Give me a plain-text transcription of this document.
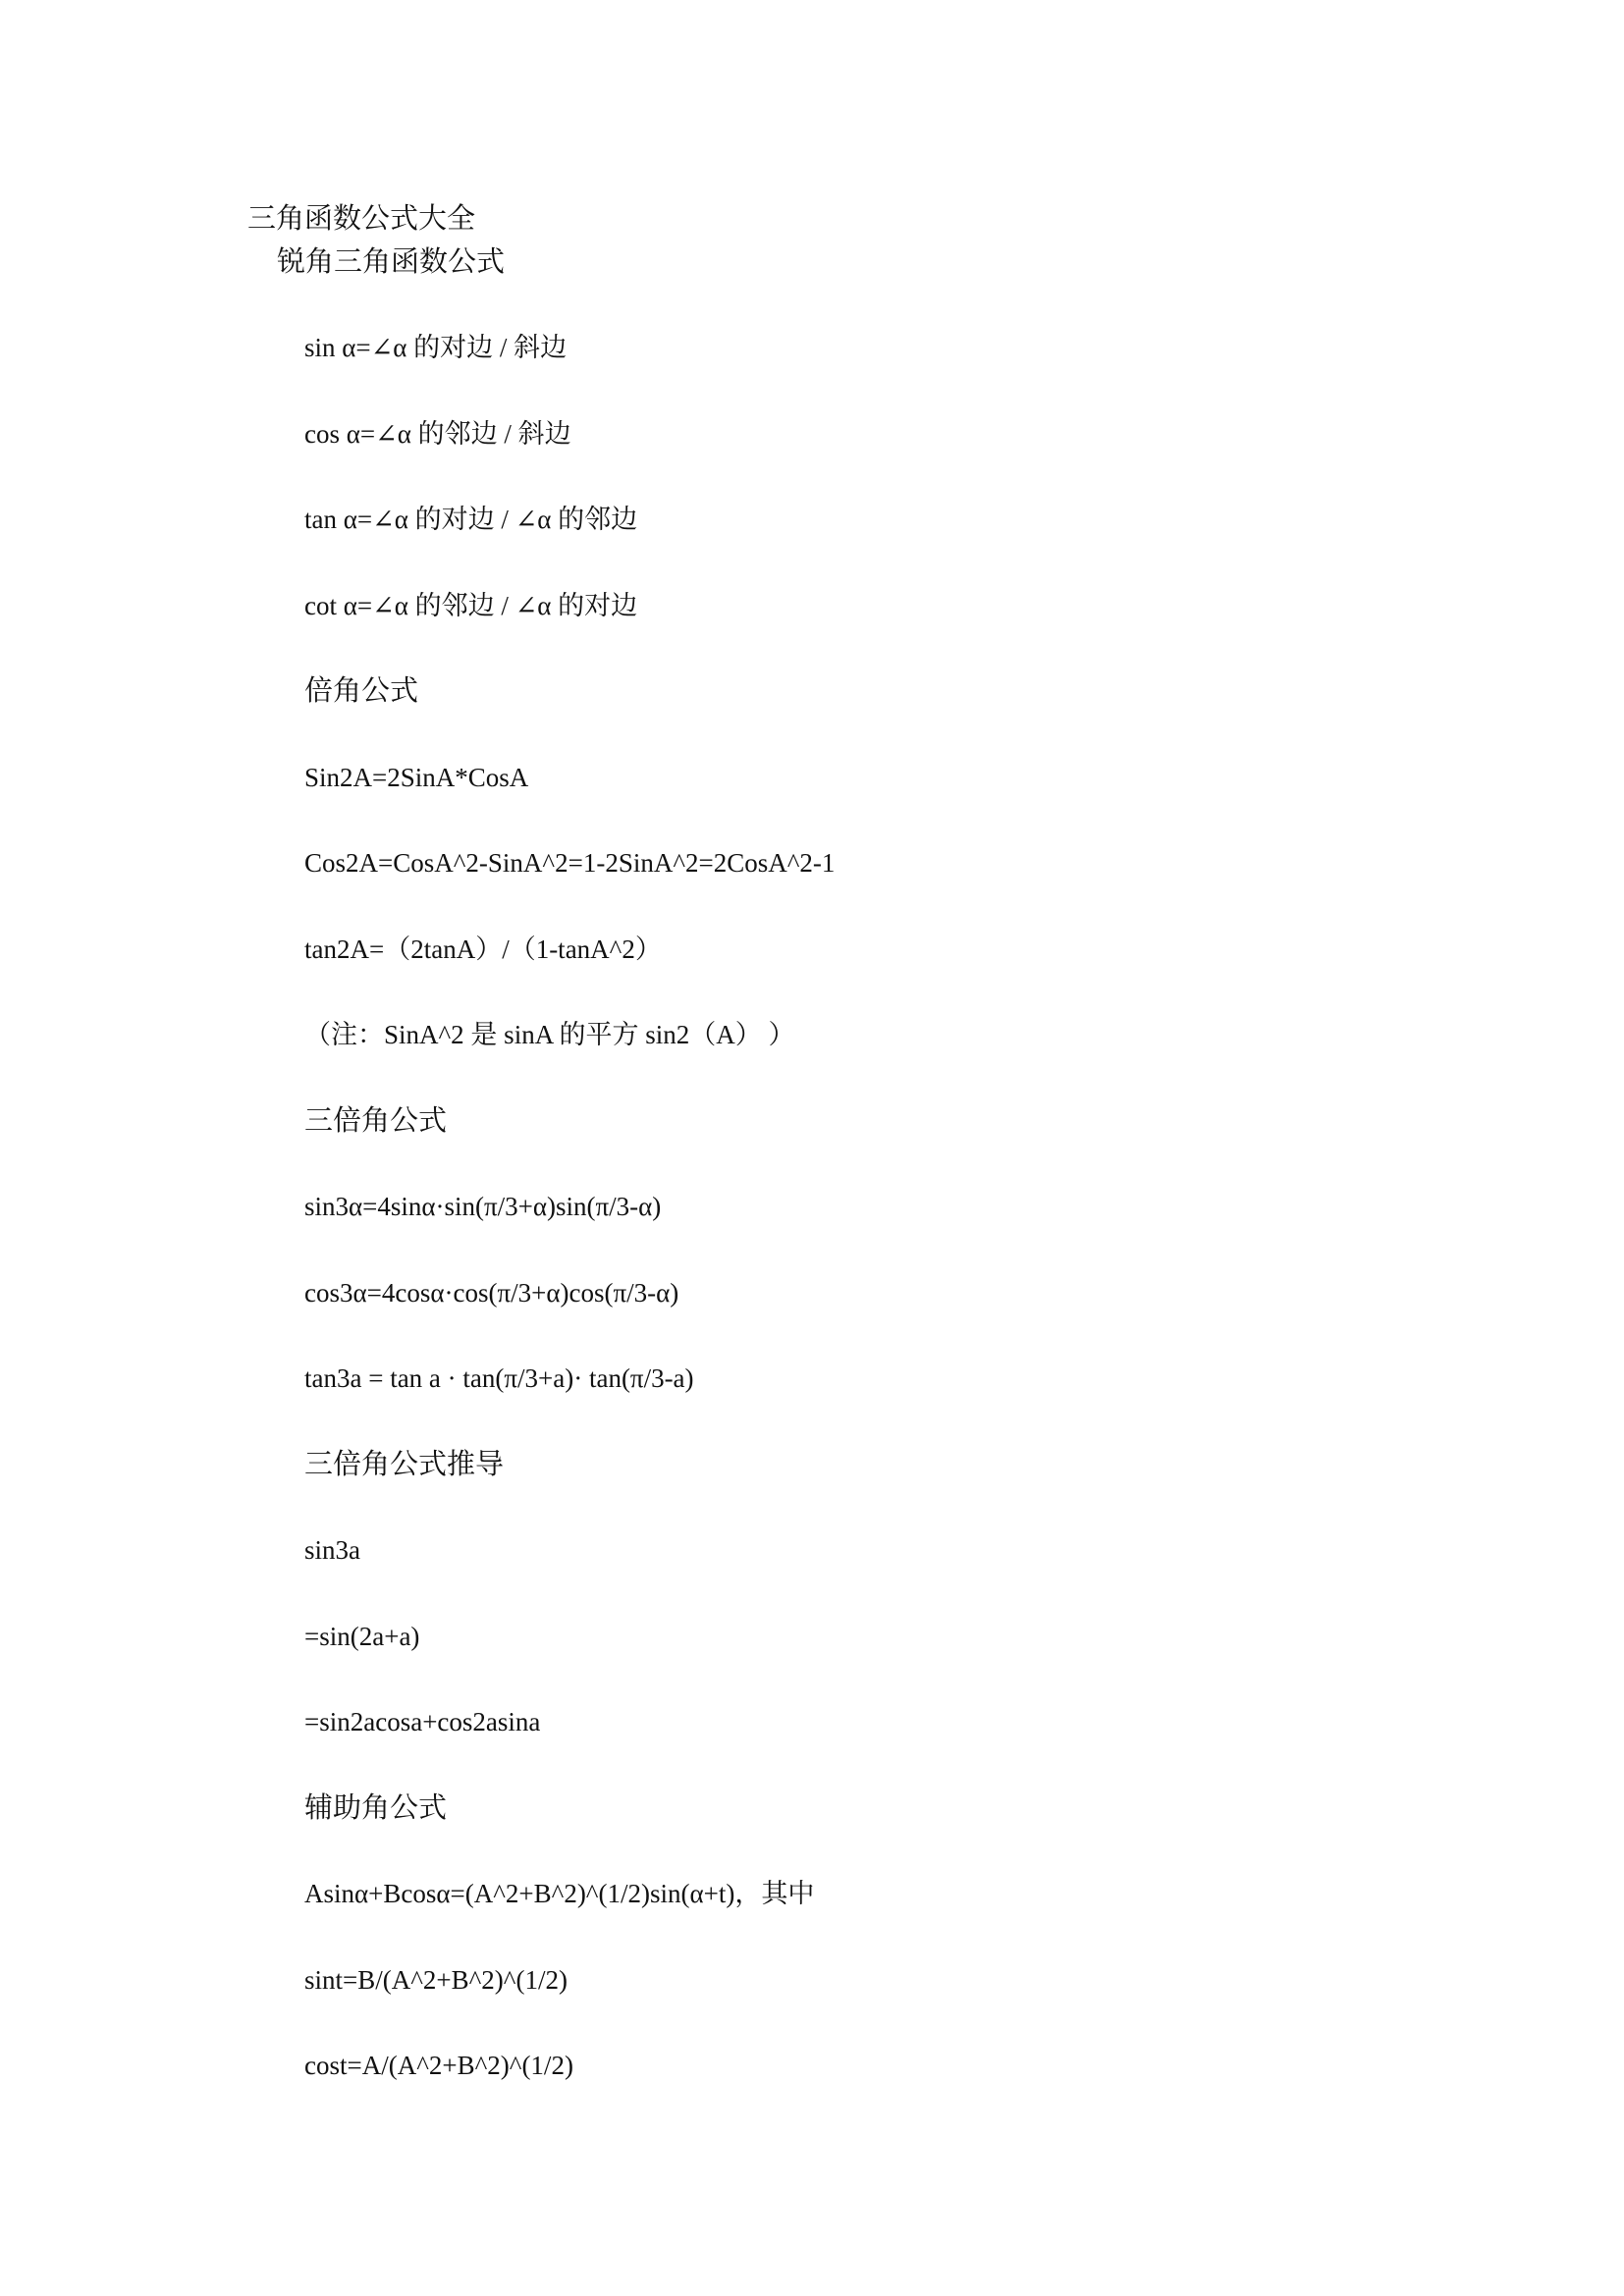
三角函数公式大全
锐角三角函数公式
sin α=∠α 的对边 / 斜边
cos α=∠α 的邻边 / 斜边
tan α=∠α 的对边 / ∠α 的邻边
cot α=∠α 的邻边 / ∠α 的对边
倍角公式
Sin2A=2SinA*CosA
Cos2A=CosA^2-SinA^2=1-2SinA^2=2CosA^2-1
tan2A=（2tanA）/（1-tanA^2）
（注：SinA^2 是 sinA 的平方 sin2（A） ）
三倍角公式
sin3α=4sinα·sin(π/3+α)sin(π/3-α)
cos3α=4cosα·cos(π/3+α)cos(π/3-α)
tan3a = tan a · tan(π/3+a)· tan(π/3-a)
三倍角公式推导
sin3a
=sin(2a+a)
=sin2acosa+cos2asina
辅助角公式
Asinα+Bcosα=(A^2+B^2)^(1/2)sin(α+t)，其中
sint=B/(A^2+B^2)^(1/2)
cost=A/(A^2+B^2)^(1/2)
